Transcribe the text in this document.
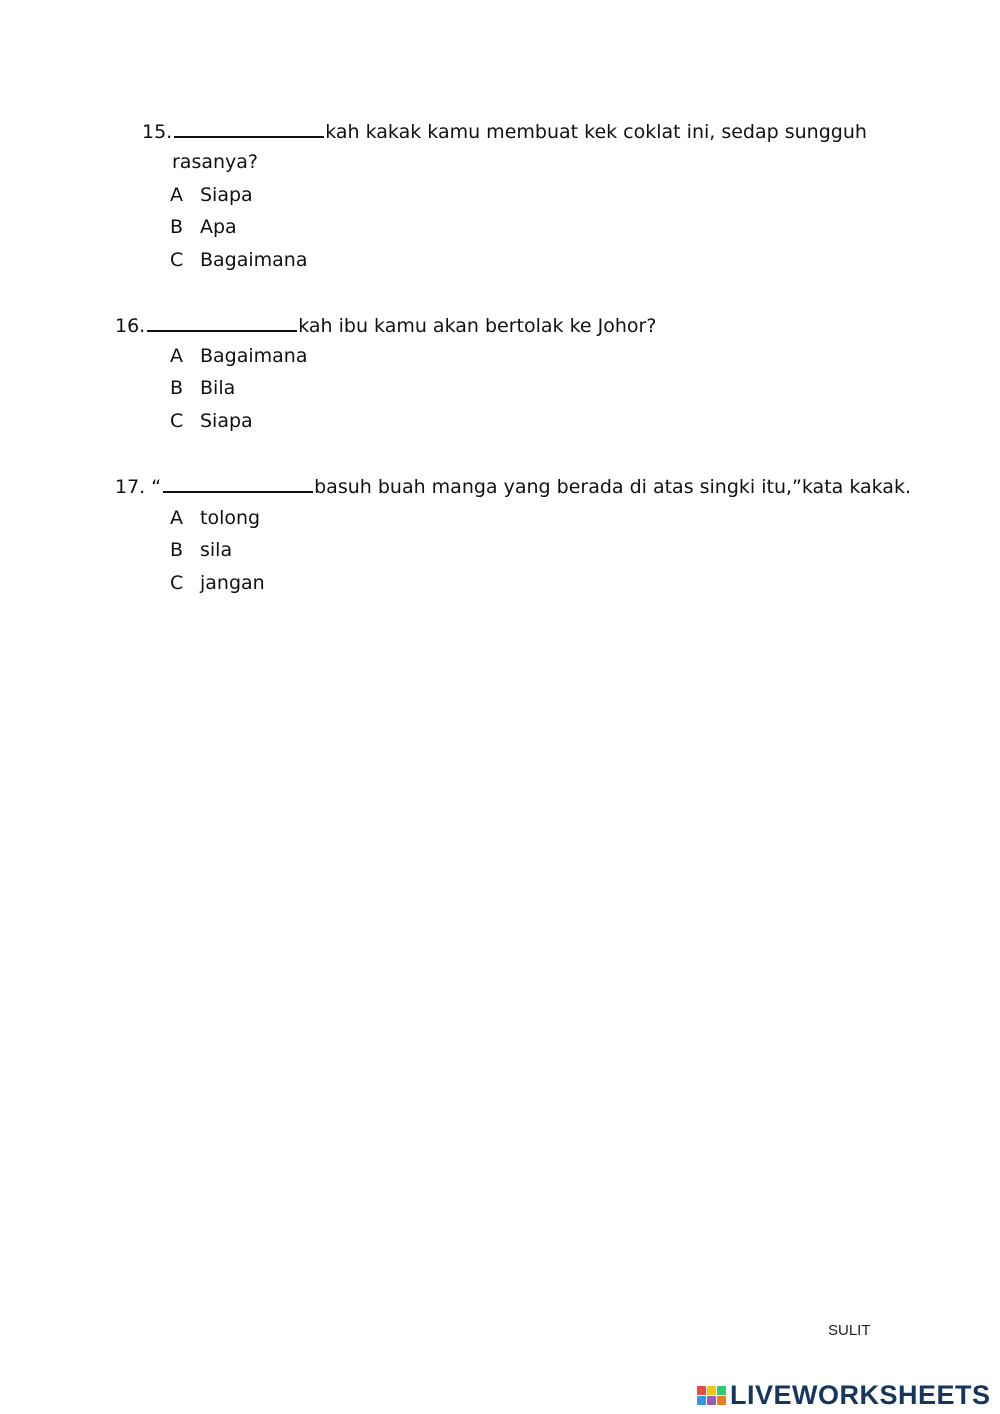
15.	kah kakak kamu membuat kek coklat ini, sedap sungguh
rasanya?
A Siapa
B Apa
C Bagaimana
16.	kah ibu kamu akan bertolak ke Johor?
A Bagaimana
B Bila
C Siapa
17. “	basuh buah manga yang berada di atas singki itu,”kata kakak.
A tolong
B sila
C jangan
SULIT
LIVEWORKSHEETS
